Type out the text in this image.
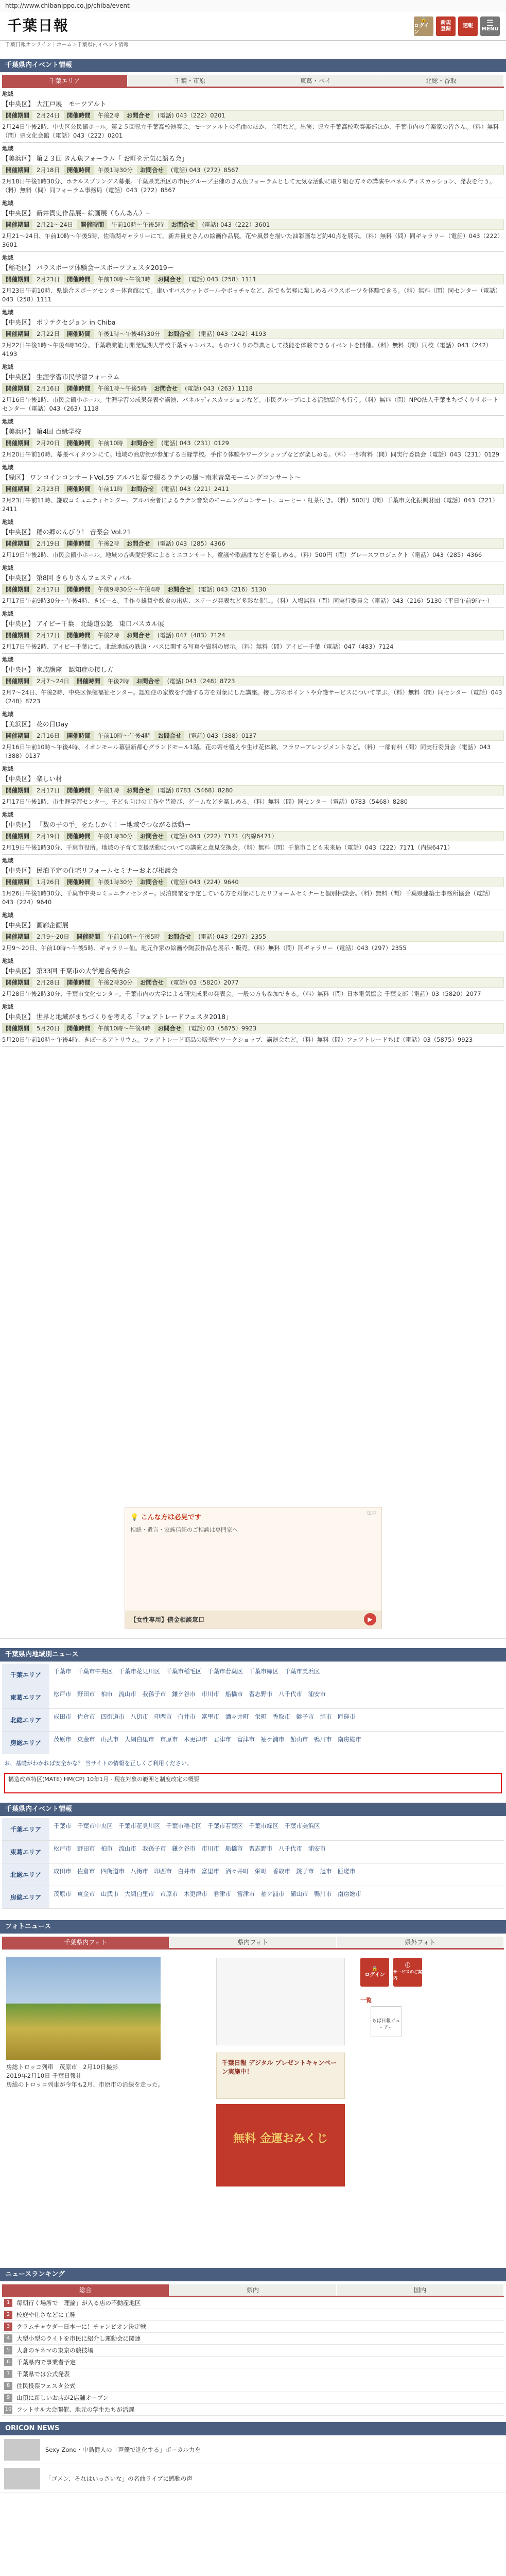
http://www.chibanippo.co.jp/chiba/event
千葉日報	🔒
ログイン
新規
登録
速報 ☰
MENU
千葉日報オンライン｜ホーム＞千葉県内イベント情報
千葉県内イベント情報
千葉エリア	千葉・市原	東葛・ベイ	北総・香取
地域
【中央区】 大江戸展　モーツアルト
開催期間	2月24日	開催時間	午後2時	お問合せ	(電話) 043（222）0201
2月24日午後2時、中央区公民館ホール。第２５回県立千葉高校演奏会。モーツァルトの名曲のほか、合唱など。出演：県立千葉高校吹奏楽部ほか、千葉市内の音楽家の皆さん。（料）無料（問）県文化会館（電話）043（222）0201
地域
【美浜区】 第２３回 きん魚フォーラム「 お町を元気に語る会」
開催期間	2月18日	開催時間	午後1時30分	お問合せ	(電話) 043（272）8567
2月18日午後1時30分、ホテルスプリングス幕張。千葉県美浜区の市民グループ主催のきん魚フォーラムとして元気な活動に取り組む方々の講演やパネルディスカッション、発表を行う。（料）無料（問）同フォーラム事務局（電話）043（272）8567
地域
【中央区】 新井貴史作品展ー絵画展（らんあん）ー
開催期間	2月21〜24日	開催時間	午前10時〜午後5時	お問合せ	(電話) 043（222）3601
2月21〜24日、午前10時〜午後5時、佐鳴湖ギャラリーにて。新井貴史さんの絵画作品展。花や風景を描いた油彩画など約40点を展示。（料）無料（問）同ギャラリー（電話）043（222）3601
地域
【稲毛区】 パラスポーツ体験会ースポーツフェスタ2019ー
開催期間	2月23日	開催時間	午前10時〜午後3時	お問合せ	(電話) 043（258）1111
2月23日午前10時、県総合スポーツセンター体育館にて。車いすバスケットボールやボッチャなど、誰でも気軽に楽しめるパラスポーツを体験できる。（料）無料（問）同センター（電話）043（258）1111
地域
【中央区】 ボリテクセジョン in Chiba
開催期間	2月22日	開催時間	午後1時〜午後4時30分	お問合せ	(電話) 043（242）4193
2月22日午後1時〜午後4時30分、千葉職業能力開発短期大学校千葉キャンパス。ものづくりの祭典として技能を体験できるイベントを開催。（料）無料（問）同校（電話）043（242）4193
地域
【中央区】 生涯学習市民学習フォーラム
開催期間	2月16日	開催時間	午後1時〜午後5時	お問合せ	(電話) 043（263）1118
2月16日午後1時、市民会館小ホール。生涯学習の成果発表や講演、パネルディスカッションなど。市民グループによる活動紹介も行う。（料）無料（問）NPO法人千葉まちづくりサポートセンター（電話）043（263）1118
地域
【美浜区】 第4回 百縁学校
開催期間	2月20日	開催時間	午前10時	お問合せ	(電話) 043（231）0129
2月20日午前10時、幕張ベイタウンにて。地域の商店街が参加する百縁学校。手作り体験やワークショップなどが楽しめる。（料）一部有料（問）同実行委員会（電話）043（231）0129
地域
【緑区】 ワンコインコンサートVol.59 アルパと奏で綴るラテンの風〜南米音楽モーニングコンサート〜
開催期間	2月23日	開催時間	午前11時	お問合せ	(電話) 043（221）2411
2月23日午前11時、鎌取コミュニティセンター。アルパ奏者によるラテン音楽のモーニングコンサート。コーヒー・紅茶付き。（料）500円（問）千葉市文化振興財団（電話）043（221）2411
地域
【中央区】 稲の郷のんびり！ 音楽会 Vol.21
開催期間	2月19日	開催時間	午後2時	お問合せ	(電話) 043（285）4366
2月19日午後2時、市民会館小ホール。地域の音楽愛好家によるミニコンサート。童謡や歌謡曲などを楽しめる。（料）500円（問）グレースプロジェクト（電話）043（285）4366
地域
【中央区】 第8回 きらりさんフェスティバル
開催期間	2月17日	開催時間	午前9時30分〜午後4時	お問合せ	(電話) 043（216）5130
2月17日午前9時30分〜午後4時、きぼーる。手作り雑貨や飲食の出店、ステージ発表など多彩な催し。（料）入場無料（問）同実行委員会（電話）043（216）5130（平日午前9時〜）
地域
【中央区】 アイビー千葉　北総道公認　東口バスカル展
開催期間	2月17日	開催時間	午後2時	お問合せ	(電話) 047（483）7124
2月17日午後2時、アイビー千葉にて。北総地域の鉄道・バスに関する写真や資料の展示。（料）無料（問）アイビー千葉（電話）047（483）7124
地域
【中央区】 家族講座　認知症の接し方
開催期間	2月7〜24日	開催時間	午後2時	お問合せ	(電話) 043（248）8723
2月7〜24日、午後2時、中央区保健福祉センター。認知症の家族を介護する方を対象にした講座。接し方のポイントや介護サービスについて学ぶ。（料）無料（問）同センター（電話）043（248）8723
地域
【美浜区】 花の日Day
開催期間	2月16日	開催時間	午前10時〜午後4時	お問合せ	(電話) 043（388）0137
2月16日午前10時〜午後4時、イオンモール幕張新都心グランドモール1階。花の寄せ植えや生け花体験、フラワーアレンジメントなど。（料）一部有料（問）同実行委員会（電話）043（388）0137
地域
【中央区】 楽しい村
開催期間	2月17日	開催時間	午後1時	お問合せ	(電話) 0783（5468）8280
2月17日午後1時、市生涯学習センター。子ども向けの工作や昔遊び、ゲームなどを楽しめる。（料）無料（問）同センター（電話）0783（5468）8280
地域
【中央区】 「数の子の手」をたしかく！ー地域でつながる活動ー
開催期間	2月19日	開催時間	午後1時30分	お問合せ	(電話) 043（222）7171（内線6471）
2月19日午後1時30分、千葉市役所。地域の子育て支援活動についての講演と意見交換会。（料）無料（問）千葉市こども未来局（電話）043（222）7171（内線6471）
地域
【中央区】 民泊予定の住宅リフォームセミナーおよび相談会
開催期間	1月26日	開催時間	午後1時30分	お問合せ	(電話) 043（224）9640
1月26日午後1時30分、千葉市中央コミュニティセンター。民泊開業を予定している方を対象にしたリフォームセミナーと個別相談会。（料）無料（問）千葉県建築士事務所協会（電話）043（224）9640
地域
【中央区】 画廊企画展
開催期間	2月9〜20日	開催時間	午前10時〜午後5時	お問合せ	(電話) 043（297）2355
2月9〜20日、午前10時〜午後5時、ギャラリー仙。地元作家の絵画や陶芸作品を展示・販売。（料）無料（問）同ギャラリー（電話）043（297）2355
地域
【中央区】 第33回 千葉市の大学連合発表会
開催期間	2月28日	開催時間	午後2時30分	お問合せ	(電話) 03（5820）2077
2月28日午後2時30分、千葉市文化センター。千葉市内の大学による研究成果の発表会。一般の方も参加できる。（料）無料（問）日本電気協会 千葉支部（電話）03（5820）2077
地域
【中央区】 世界と地域がまちづくりを考える「フェアトレードフェスタ2018」
開催期間	5月20日	開催時間	午前10時〜午後4時	お問合せ	(電話) 03（5875）9923
5月20日午前10時〜午後4時、きぼーるアトリウム。フェアトレード商品の販売やワークショップ、講演会など。（料）無料（問）フェアトレードちば（電話）03（5875）9923
広告
💡 こんな方は必見です
相続・遺言・家族信託のご相談は専門家へ
【女性専用】借金相談窓口	▶
千葉県内地域別ニュース
千葉エリア	千葉市　千葉市中央区　千葉市花見川区　千葉市稲毛区　千葉市若葉区　千葉市緑区　千葉市美浜区
東葛エリア	松戸市　野田市　柏市　流山市　我孫子市　鎌ケ谷市　市川市　船橋市　習志野市　八千代市　浦安市
北総エリア	成田市　佐倉市　四街道市　八街市　印西市　白井市　富里市　酒々井町　栄町　香取市　銚子市　旭市　匝瑳市
房総エリア	茂原市　東金市　山武市　大網白里市　市原市　木更津市　君津市　富津市　袖ケ浦市　館山市　鴨川市　南房総市
お、基礎がわかれば安全かな？ 当サイトの情報を正しくご利用ください。
構造改革特区(MATE) HM(CP) 10年1月 - 現在対象の範囲と制度改定の概要
千葉県内イベント情報
千葉エリア	千葉市　千葉市中央区　千葉市花見川区　千葉市稲毛区　千葉市若葉区　千葉市緑区　千葉市美浜区
東葛エリア	松戸市　野田市　柏市　流山市　我孫子市　鎌ケ谷市　市川市　船橋市　習志野市　八千代市　浦安市
北総エリア	成田市　佐倉市　四街道市　八街市　印西市　白井市　富里市　酒々井町　栄町　香取市　銚子市　旭市　匝瑳市
房総エリア	茂原市　東金市　山武市　大網白里市　市原市　木更津市　君津市　富津市　袖ケ浦市　館山市　鴨川市　南房総市
フォトニュース
千葉県内フォト	県内フォト	県外フォト
房総トロッコ列車　茂原市　2月10日撮影
2019年2月10日 千葉日報社
房総のトロッコ列車が今年も2月、市原市の沿線を走った。
🔒
ログイン
ⓘ
サービスのご案内
一覧
ちば日報ビューアー
千葉日報 デジタル プレゼントキャンペーン実施中！
無料 金運おみくじ
ニュースランキング
総合	県内	国内
1	毎朝行く場所で「理論」が入る店の不動産地区
2	校庭や仕さなどに工種
3	クラムチャウダー日本一に！チャンピオン決定戦
4	大型小型のライトを市民に紹介し運動会に関連
5	大倉のキネマの東京の競技場
6	千葉県内で事業者予定
7	千葉県では公式発表
8	住民投票フェスタ公式
9	山頂に新しいお店が2店舗オープン
10 フットサル大会開催、地元の学生たちが活躍
ORICON NEWS
Sexy Zone・中島健人の「声優で進化する」ボーカル力を
「ゴメン、それはいっさいな」の名曲ライブに感動の声
